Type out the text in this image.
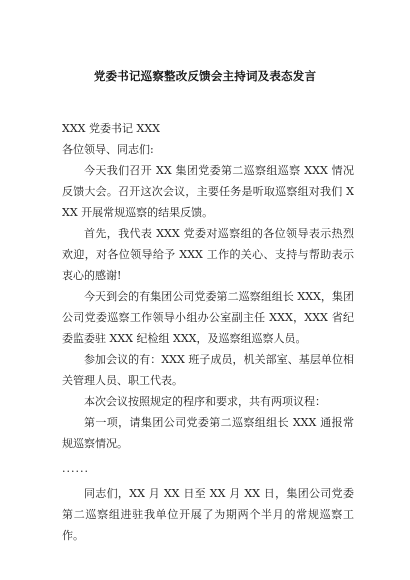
党委书记巡察整改反馈会主持词及表态发言

XXX 党委书记 XXX

各位领导、同志们:

今天我们召开 XX 集团党委第二巡察组巡察 XXX 情况反馈大会。召开这次会议，主要任务是听取巡察组对我们 XXX 开展常规巡察的结果反馈。

首先，我代表 XXX 党委对巡察组的各位领导表示热烈欢迎，对各位领导给予 XXX 工作的关心、支持与帮助表示衷心的感谢!

今天到会的有集团公司党委第二巡察组组长 XXX，集团公司党委巡察工作领导小组办公室副主任 XXX，XXX 省纪委监委驻 XXX 纪检组 XXX，及巡察组巡察人员。

参加会议的有：XXX 班子成员，机关部室、基层单位相关管理人员、职工代表。

本次会议按照规定的程序和要求，共有两项议程：

第一项，请集团公司党委第二巡察组组长 XXX 通报常规巡察情况。

......

同志们，XX 月 XX 日至 XX 月 XX 日，集团公司党委第二巡察组进驻我单位开展了为期两个半月的常规巡察工作。
